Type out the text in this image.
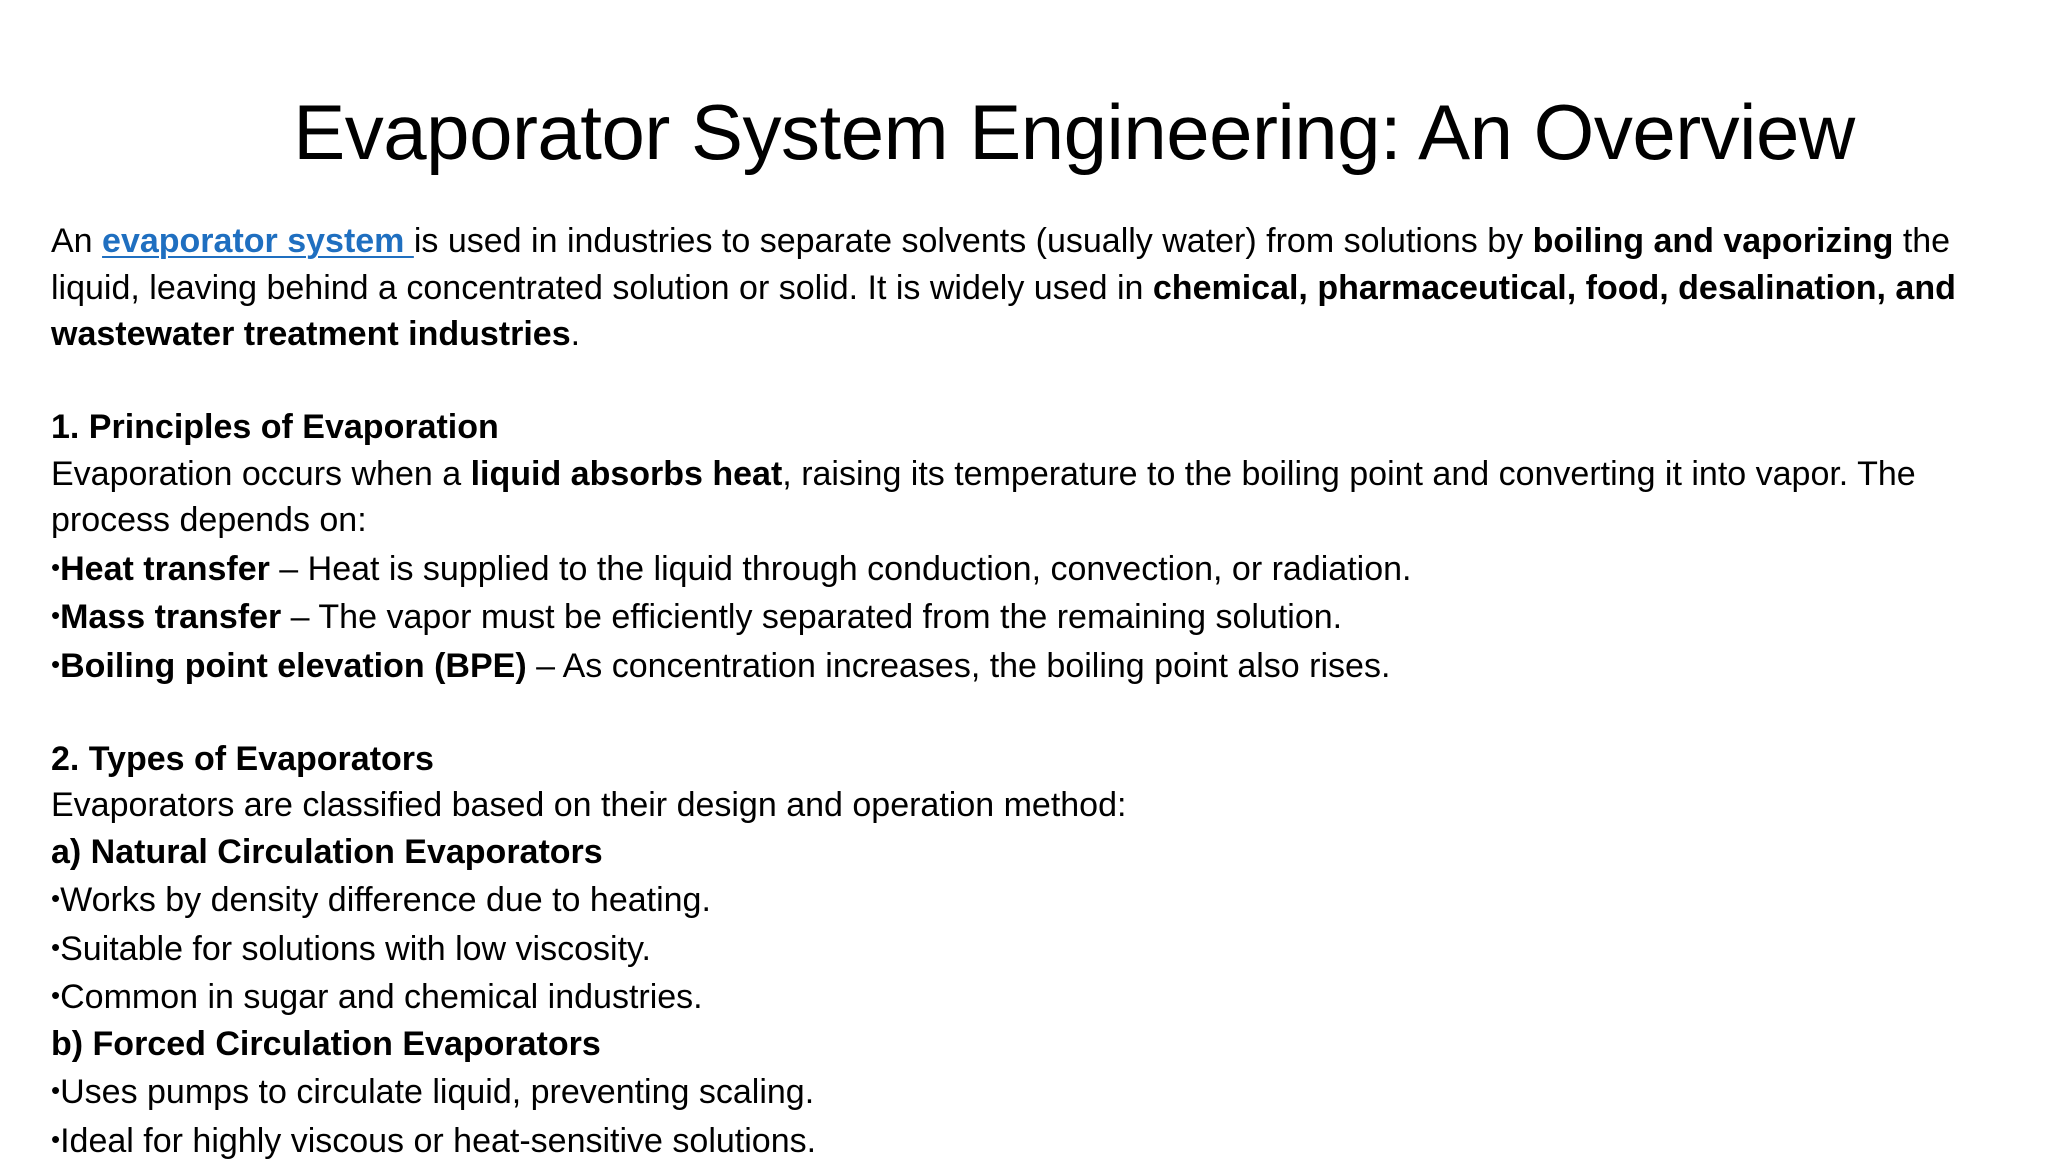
Evaporator System Engineering: An Overview
An evaporator system is used in industries to separate solvents (usually water) from solutions by boiling and vaporizing the
liquid, leaving behind a concentrated solution or solid. It is widely used in chemical, pharmaceutical, food, desalination, and
wastewater treatment industries.
1. Principles of Evaporation
Evaporation occurs when a liquid absorbs heat, raising its temperature to the boiling point and converting it into vapor. The
process depends on:
•Heat transfer – Heat is supplied to the liquid through conduction, convection, or radiation.
•Mass transfer – The vapor must be efficiently separated from the remaining solution.
•Boiling point elevation (BPE) – As concentration increases, the boiling point also rises.
2. Types of Evaporators
Evaporators are classified based on their design and operation method:
a) Natural Circulation Evaporators
•Works by density difference due to heating.
•Suitable for solutions with low viscosity.
•Common in sugar and chemical industries.
b) Forced Circulation Evaporators
•Uses pumps to circulate liquid, preventing scaling.
•Ideal for highly viscous or heat-sensitive solutions.
